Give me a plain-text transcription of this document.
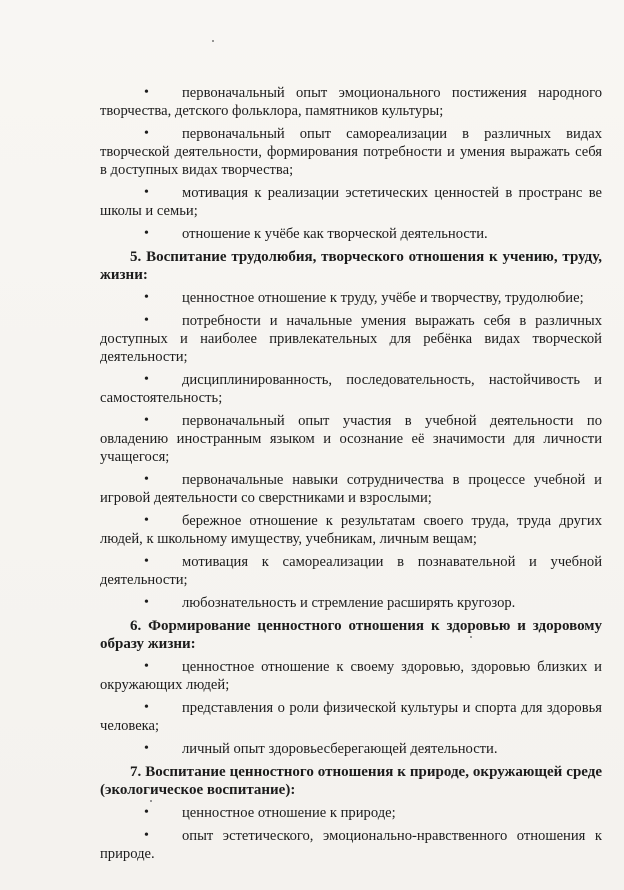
•	первоначальный опыт эмоционального постижения народного творчества, детского фольклора, памятников культуры;
•	первоначальный опыт самореализации в различных видах творческой деятельности, формирования потребности и умения выражать себя в доступных видах творчества;
•	мотивация к реализации эстетических ценностей в пространс ве школы и семьи;
•	отношение к учёбе как творческой деятельности.
5. Воспитание трудолюбия, творческого отношения к учению, труду, жизни:
•	ценностное отношение к труду, учёбе и творчеству, трудолюбие;
•	потребности и начальные умения выражать себя в различных доступных и наиболее привлекательных для ребёнка видах творческой деятельности;
•	дисциплинированность, последовательность, настойчивость и самостоятельность;
•	первоначальный опыт участия в учебной деятельности по овладению иностранным языком и осознание её значимости для личности учащегося;
•	первоначальные навыки сотрудничества в процессе учебной и игровой деятельности со сверстниками и взрослыми;
•	бережное отношение к результатам своего труда, труда других людей, к школьному имуществу, учебникам, личным вещам;
•	мотивация к самореализации в познавательной и учебной деятельности;
•	любознательность и стремление расширять кругозор.
6. Формирование ценностного отношения к здоровью и здоровому образу жизни:
•	ценностное отношение к своему здоровью, здоровью близких и окружающих людей;
•	представления о роли физической культуры и спорта для здоровья человека;
•	личный опыт здоровьесберегающей деятельности.
7. Воспитание ценностного отношения к природе, окружающей среде (экологическое воспитание):
•	ценностное отношение к природе;
•	опыт эстетического, эмоционально-нравственного отношения к природе.
